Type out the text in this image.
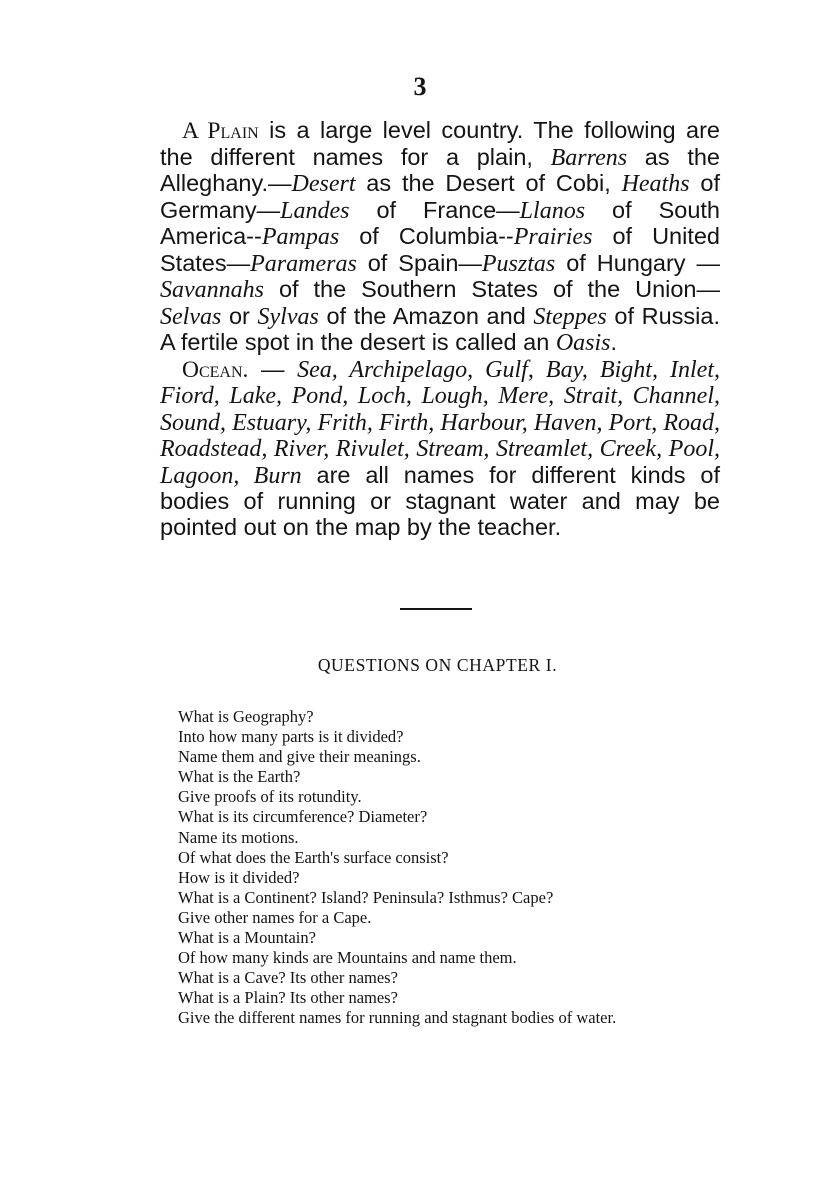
3

A Plain is a large level country. The following are the different names for a plain, Barrens as the Alleghany.—Desert as the Desert of Cobi, Heaths of Germany—Landes of France—Llanos of South America--Pampas of Columbia--Prairies of United States—Parameras of Spain—Pusztas of Hungary —Savannahs of the Southern States of the Union— Selvas or Sylvas of the Amazon and Steppes of Russia. A fertile spot in the desert is called an Oasis.

Ocean. — Sea, Archipelago, Gulf, Bay, Bight, Inlet, Fiord, Lake, Pond, Loch, Lough, Mere, Strait, Channel, Sound, Estuary, Frith, Firth, Harbour, Haven, Port, Road, Roadstead, River, Rivulet, Stream, Streamlet, Creek, Pool, Lagoon, Burn are all names for different kinds of bodies of running or stagnant water and may be pointed out on the map by the teacher.

QUESTIONS ON CHAPTER I.
What is Geography?
Into how many parts is it divided?
Name them and give their meanings.
What is the Earth?
Give proofs of its rotundity.
What is its circumference? Diameter?
Name its motions.
Of what does the Earth's surface consist?
How is it divided?
What is a Continent? Island? Peninsula? Isthmus? Cape?
Give other names for a Cape.
What is a Mountain?
Of how many kinds are Mountains and name them.
What is a Cave? Its other names?
What is a Plain? Its other names?
Give the different names for running and stagnant bodies of water.
